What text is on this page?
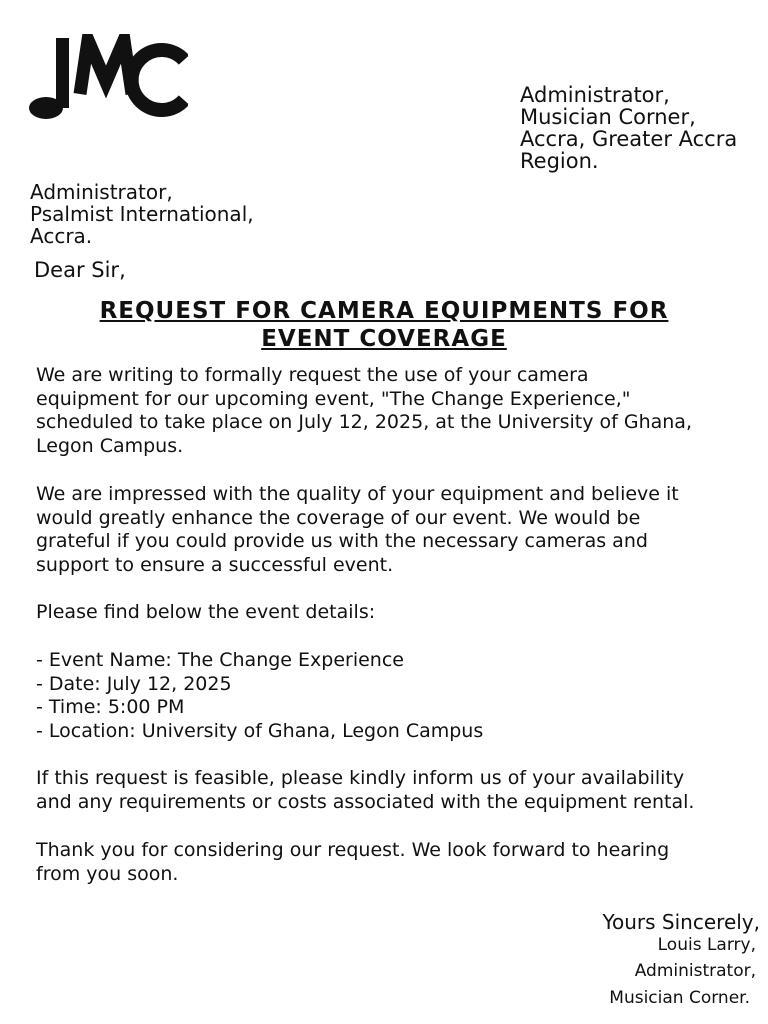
Administrator,
Musician Corner,
Accra, Greater Accra
Region.
Administrator,
Psalmist International,
Accra.
Dear Sir,
REQUEST FOR CAMERA EQUIPMENTS FOR
EVENT COVERAGE
We are writing to formally request the use of your camera
equipment for our upcoming event, "The Change Experience,"
scheduled to take place on July 12, 2025, at the University of Ghana,
Legon Campus.
We are impressed with the quality of your equipment and believe it
would greatly enhance the coverage of our event. We would be
grateful if you could provide us with the necessary cameras and
support to ensure a successful event.
Please find below the event details:
- Event Name: The Change Experience
- Date: July 12, 2025
- Time: 5:00 PM
- Location: University of Ghana, Legon Campus
If this request is feasible, please kindly inform us of your availability
and any requirements or costs associated with the equipment rental.
Thank you for considering our request. We look forward to hearing
from you soon.
Yours Sincerely,
Louis Larry,
Administrator,
Musician Corner.
